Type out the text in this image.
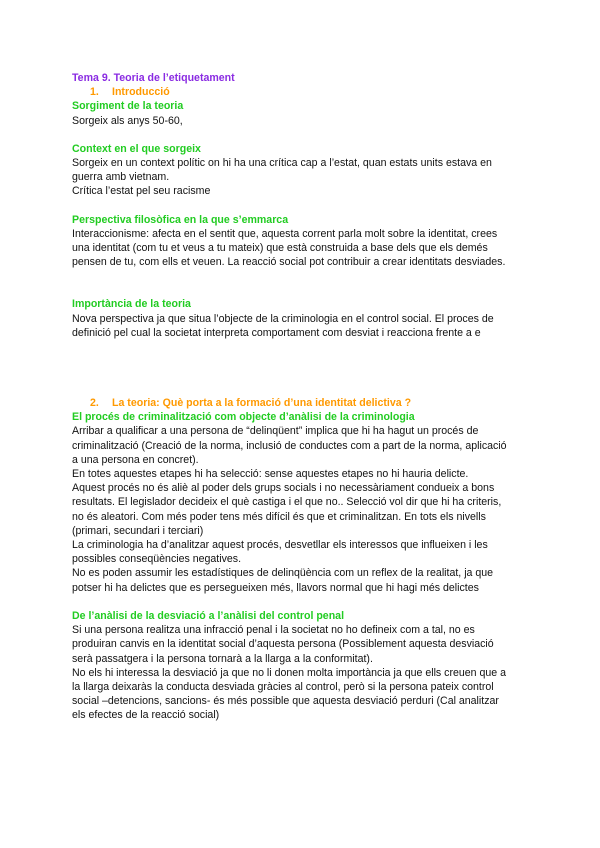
Tema 9. Teoria de l’etiquetament

1. Introducció

Sorgiment de la teoria

Sorgeix als anys 50-60,

Context en el que sorgeix

Sorgeix en un context polític on hi ha una crítica cap a l’estat, quan estats units estava en

guerra amb vietnam.

Crítica l’estat pel seu racisme

Perspectiva filosòfica en la que s’emmarca

Interaccionisme: afecta en el sentit que, aquesta corrent parla molt sobre la identitat, crees

una identitat (com tu et veus a tu mateix) que està construida a base dels que els demés

pensen de tu, com ells et veuen. La reacció social pot contribuir a crear identitats desviades.

Importància de la teoria

Nova perspectiva ja que situa l’objecte de la criminologia en el control social. El proces de

definició pel cual la societat interpreta comportament com desviat i reacciona frente a e

2. La teoria: Què porta a la formació d’una identitat delictiva ?

El procés de criminalització com objecte d’anàlisi de la criminologia

Arribar a qualificar a una persona de “delinqüent” implica que hi ha hagut un procés de

criminalització (Creació de la norma, inclusió de conductes com a part de la norma, aplicació

a una persona en concret).

En totes aquestes etapes hi ha selecció: sense aquestes etapes no hi hauria delicte.

Aquest procés no és aliè al poder dels grups socials i no necessàriament condueix a bons

resultats. El legislador decideix el què castiga i el que no.. Selecció vol dir que hi ha criteris,

no és aleatori. Com més poder tens més difícil és que et criminalitzan. En tots els nivells

(primari, secundari i terciari)

La criminologia ha d’analitzar aquest procés, desvetllar els interessos que influeixen i les

possibles conseqüències negatives.

No es poden assumir les estadístiques de delinqüència com un reflex de la realitat, ja que

potser hi ha delictes que es persegueixen més, llavors normal que hi hagi més delictes

De l’anàlisi de la desviació a l’anàlisi del control penal

Si una persona realitza una infracció penal i la societat no ho defineix com a tal, no es

produiran canvis en la identitat social d’aquesta persona (Possiblement aquesta desviació

serà passatgera i la persona tornarà a la llarga a la conformitat).

No els hi interessa la desviació ja que no li donen molta importància ja que ells creuen que a

la llarga deixaràs la conducta desviada gràcies al control, però si la persona pateix control

social –detencions, sancions- és més possible que aquesta desviació perduri (Cal analitzar

els efectes de la reacció social)
